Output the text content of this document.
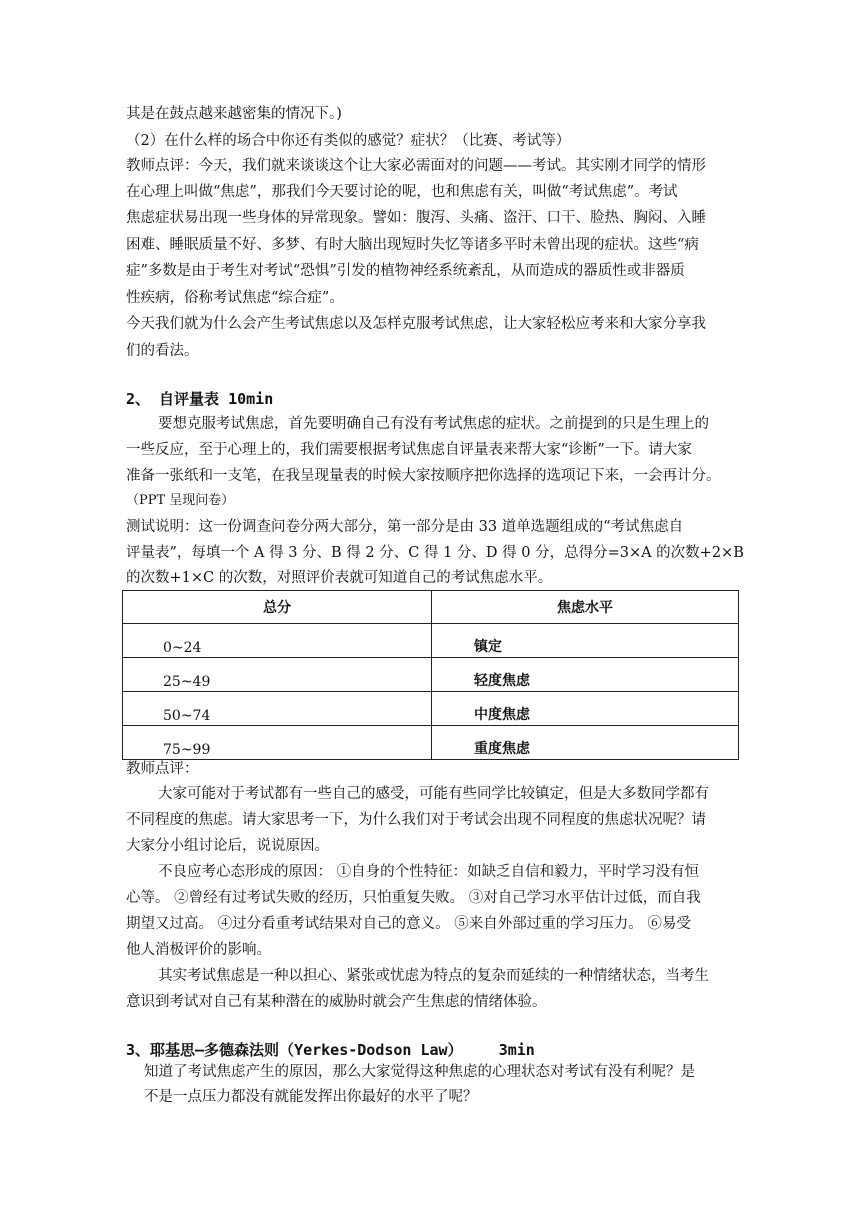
其是在鼓点越来越密集的情况下。)
（2）在什么样的场合中你还有类似的感觉？症状？（比赛、考试等）
教师点评：今天，我们就来谈谈这个让大家必需面对的问题——考试。其实刚才同学的情形
在心理上叫做“焦虑”，那我们今天要讨论的呢，也和焦虑有关，叫做“考试焦虑”。考试
焦虑症状易出现一些身体的异常现象。譬如：腹泻、头痛、盗汗、口干、脸热、胸闷、入睡
困难、睡眠质量不好、多梦、有时大脑出现短时失忆等诸多平时未曾出现的症状。这些“病
症”多数是由于考生对考试“恐惧”引发的植物神经系统紊乱，从而造成的器质性或非器质
性疾病，俗称考试焦虑“综合症”。
今天我们就为什么会产生考试焦虑以及怎样克服考试焦虑，让大家轻松应考来和大家分享我
们的看法。
2、 自评量表 10min
要想克服考试焦虑，首先要明确自己有没有考试焦虑的症状。之前提到的只是生理上的
一些反应，至于心理上的，我们需要根据考试焦虑自评量表来帮大家“诊断”一下。请大家
准备一张纸和一支笔，在我呈现量表的时候大家按顺序把你选择的选项记下来，一会再计分。
（PPT 呈现问卷）
测试说明：这一份调查问卷分两大部分，第一部分是由 33 道单选题组成的“考试焦虑自
评量表”，每填一个 A 得 3 分、B 得 2 分、C 得 1 分、D 得 0 分，总得分=3×A 的次数+2×B
的次数+1×C 的次数，对照评价表就可知道自己的考试焦虑水平。
总分	焦虑水平
0~24	镇定
25~49	轻度焦虑
50~74	中度焦虑
75~99	重度焦虑
教师点评：
大家可能对于考试都有一些自己的感受，可能有些同学比较镇定，但是大多数同学都有
不同程度的焦虑。请大家思考一下，为什么我们对于考试会出现不同程度的焦虑状况呢？请
大家分小组讨论后，说说原因。
不良应考心态形成的原因： ①自身的个性特征：如缺乏自信和毅力，平时学习没有恒
心等。 ②曾经有过考试失败的经历，只怕重复失败。 ③对自己学习水平估计过低，而自我
期望又过高。 ④过分看重考试结果对自己的意义。 ⑤来自外部过重的学习压力。 ⑥易受
他人消极评价的影响。
其实考试焦虑是一种以担心、紧张或忧虑为特点的复杂而延续的一种情绪状态，当考生
意识到考试对自己有某种潜在的威胁时就会产生焦虑的情绪体验。
3、耶基思—多德森法则（Yerkes-Dodson Law）    3min
知道了考试焦虑产生的原因，那么大家觉得这种焦虑的心理状态对考试有没有利呢？是
不是一点压力都没有就能发挥出你最好的水平了呢？
